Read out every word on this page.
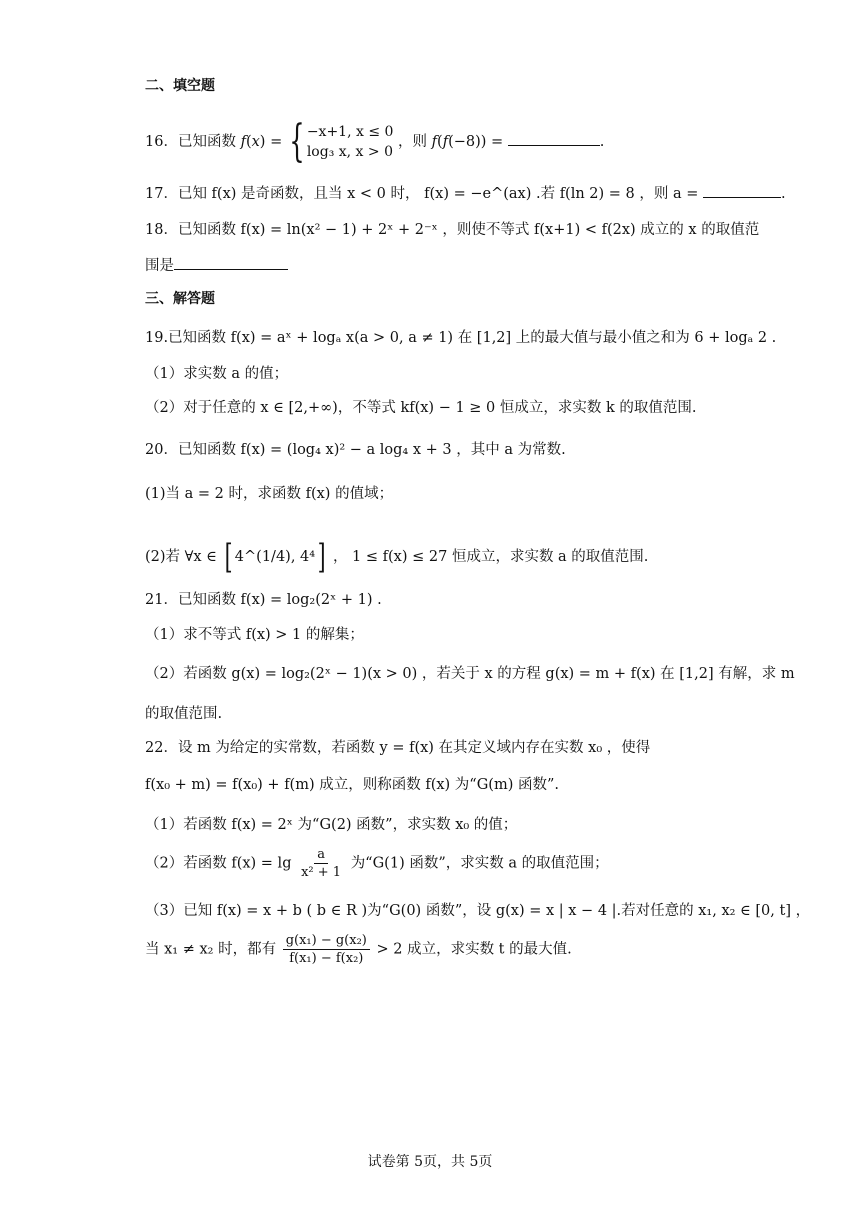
二、填空题
16．已知函数 f(x) = { −x+1, x ≤ 0
log₃ x, x > 0
，则 f(f(−8)) =	.
17．已知 f(x) 是奇函数，且当 x < 0 时， f(x) = −e^(ax) .若 f(ln 2) = 8 ，则 a =	.
18．已知函数 f(x) = ln(x² − 1) + 2ˣ + 2⁻ˣ ，则使不等式 f(x+1) < f(2x) 成立的 x 的取值范
围是
三、解答题
19.已知函数 f(x) = aˣ + logₐ x(a > 0, a ≠ 1) 在 [1,2] 上的最大值与最小值之和为 6 + logₐ 2 .
（1）求实数 a 的值；
（2）对于任意的 x ∈ [2,+∞)，不等式 kf(x) − 1 ≥ 0 恒成立，求实数 k 的取值范围.
20．已知函数 f(x) = (log₄ x)² − a log₄ x + 3 ，其中 a 为常数.
(1)当 a = 2 时，求函数 f(x) 的值域；
(2)若 ∀x ∈ [ 4^(1/4), 4⁴] ， 1 ≤ f(x) ≤ 27 恒成立，求实数 a 的取值范围.
21．已知函数 f(x) = log₂(2ˣ + 1) .
（1）求不等式 f(x) > 1 的解集；
（2）若函数 g(x) = log₂(2ˣ − 1)(x > 0) ，若关于 x 的方程 g(x) = m + f(x) 在 [1,2] 有解，求 m
的取值范围.
22．设 m 为给定的实常数，若函数 y = f(x) 在其定义域内存在实数 x₀ ，使得
f(x₀ + m) = f(x₀) + f(m) 成立，则称函数 f(x) 为“G(m) 函数”.
（1）若函数 f(x) = 2ˣ 为“G(2) 函数”，求实数 x₀ 的值；
（2）若函数 $f(x) = \lg \frac{a}{\text{x² + 1}}$ 为“G(1) 函数”，求实数 a 的取值范围；
（3）已知 f(x) = x + b ( b ∈ R )为“G(0) 函数”，设 g(x) = x | x − 4 |.若对任意的 x₁, x₂ ∈ [0, t] ，
当 x₁ ≠ x₂ 时，都有 $\frac{\text{g(x₁) − g(x₂)}}{\text{f(x₁) − f(x₂)}} > 2$ 成立，求实数 t 的最大值.
试卷第 5页，共 5页
